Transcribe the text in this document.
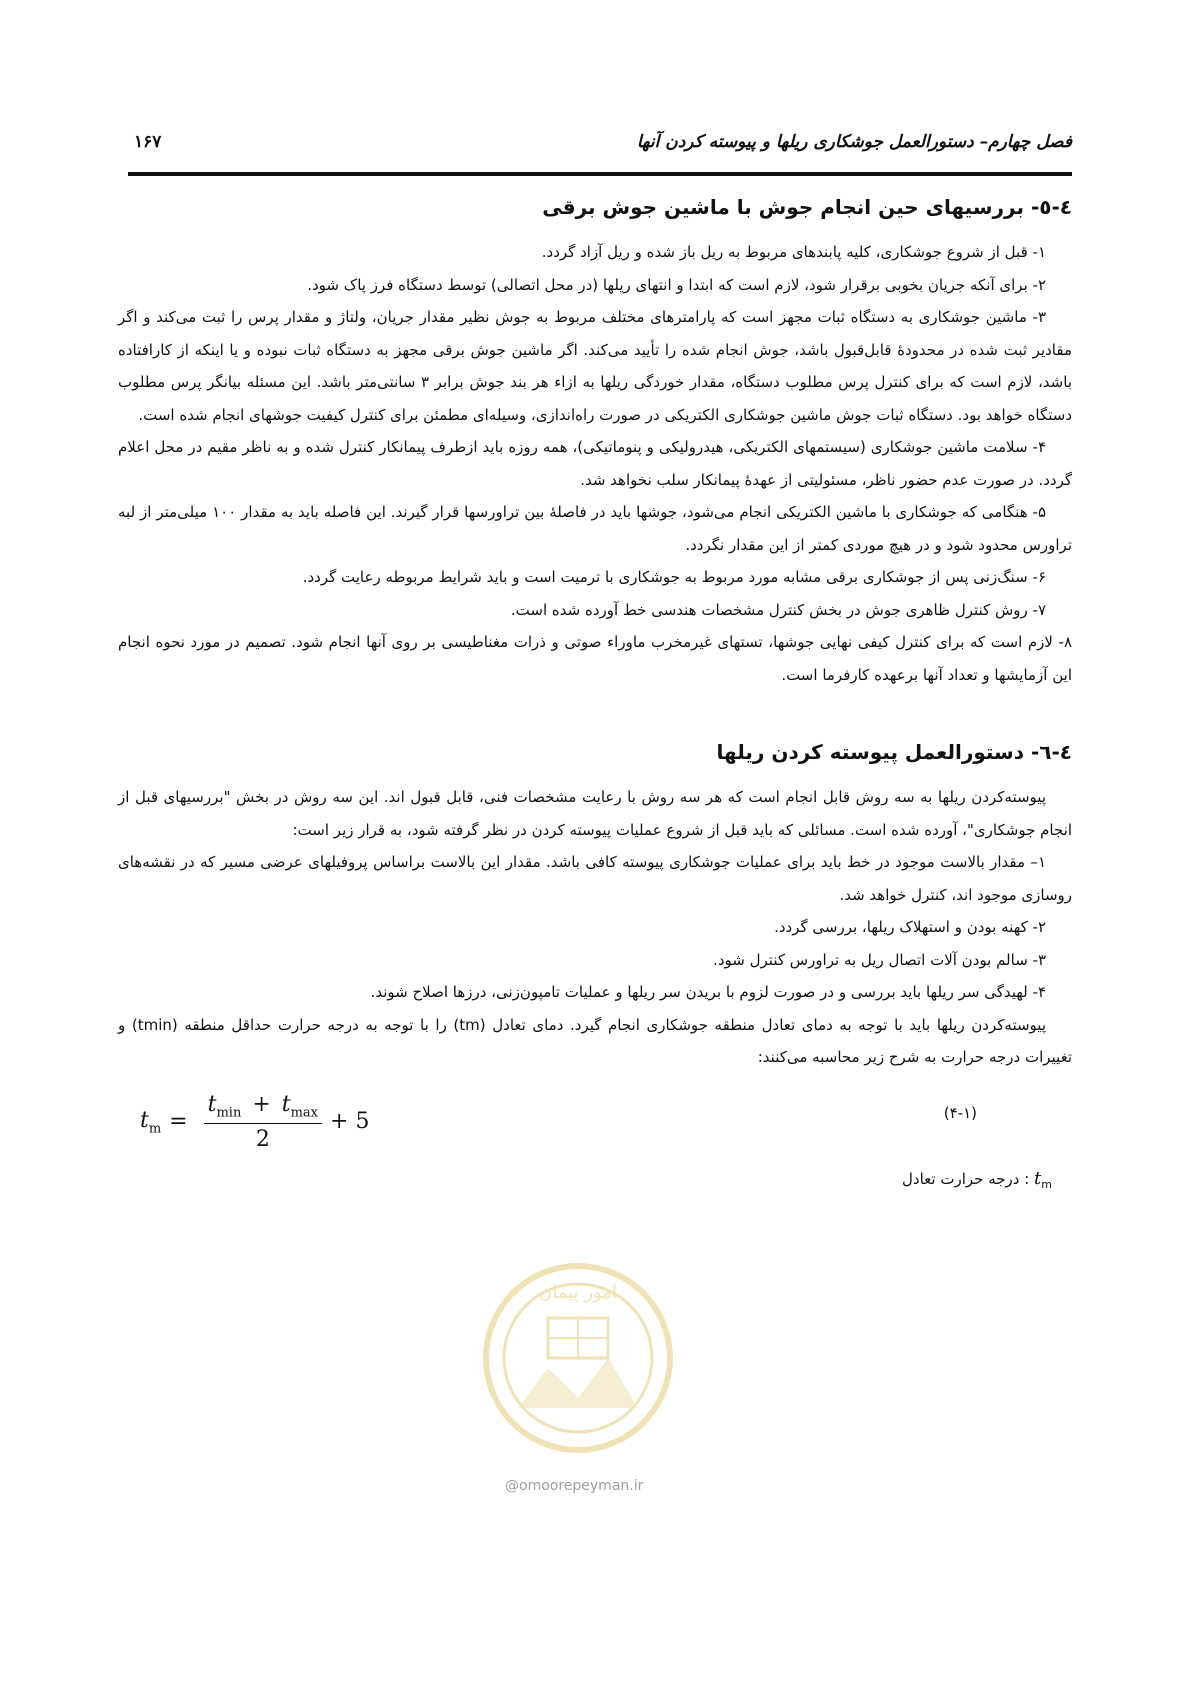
فصل چهارم– دستورالعمل جوشکاری ریلها و پیوسته کردن آنها
۱۶۷
٤-٥- بررسیهای حین انجام جوش با ماشین جوش برقی

۱- قبل از شروع جوشکاری، کلیه پابندهای مربوط به ریل باز شده و ریل آزاد گردد.

۲- برای آنکه جریان بخوبی برقرار شود، لازم است که ابتدا و انتهای ریلها (در محل اتصالی) توسط دستگاه فرز پاک شود.

۳- ماشین جوشکاری به دستگاه ثبات مجهز است که پارامترهای مختلف مربوط به جوش نظیر مقدار جریان، ولتاژ و مقدار پرس را ثبت می‌کند و اگر مقادیر ثبت شده در محدودهٔ قابل‌قبول باشد، جوش انجام شده را تأیید می‌کند. اگر ماشین جوش برقی مجهز به دستگاه ثبات نبوده و یا اینکه از کارافتاده باشد، لازم است که برای کنترل پرس مطلوب دستگاه، مقدار خوردگی ریلها به ازاء هر بند جوش برابر ۳ سانتی‌متر باشد. این مسئله بیانگر پرس مطلوب دستگاه خواهد بود. دستگاه ثبات جوش ماشین جوشکاری الکتریکی در صورت راه‌اندازی، وسیله‌ای مطمئن برای کنترل کیفیت جوشهای انجام شده است.

۴- سلامت ماشین جوشکاری (سیستمهای الکتریکی، هیدرولیکی و پنوماتیکی)، همه روزه باید ازطرف پیمانکار کنترل شده و به ناظر مقیم در محل اعلام گردد. در صورت عدم حضور ناظر، مسئولیتی از عهدهٔ پیمانکار سلب نخواهد شد.

۵- هنگامی که جوشکاری با ماشین الکتریکی انجام می‌شود، جوشها باید در فاصلهٔ بین تراورسها قرار گیرند. این فاصله باید به مقدار ۱۰۰ میلی‌متر از لبه تراورس محدود شود و در هیچ موردی کمتر از این مقدار نگردد.

۶- سنگ‌زنی پس از جوشکاری برقی مشابه مورد مربوط به جوشکاری با ترمیت است و باید شرایط مربوطه رعایت گردد.

۷- روش کنترل ظاهری جوش در بخش کنترل مشخصات هندسی خط آورده شده است.

۸- لازم است که برای کنترل کیفی نهایی جوشها، تستهای غیرمخرب ماوراء صوتی و ذرات مغناطیسی بر روی آنها انجام شود. تصمیم در مورد نحوه انجام این آزمایشها و تعداد آنها برعهده کارفرما است.

٤-٦- دستورالعمل پیوسته کردن ریلها

پیوسته‌کردن ریلها به سه روش قابل انجام است که هر سه روش با رعایت مشخصات فنی، قابل قبول اند. این سه روش در بخش "بررسیهای قبل از انجام جوشکاری"، آورده شده است. مسائلی که باید قبل از شروع عملیات پیوسته کردن در نظر گرفته شود، به قرار زیر است:

۱– مقدار بالاست موجود در خط باید برای عملیات جوشکاری پیوسته کافی باشد. مقدار این بالاست براساس پروفیلهای عرضی مسیر که در نقشه‌های روسازی موجود اند، کنترل خواهد شد.

۲- کهنه بودن و استهلاک ریلها، بررسی گردد.

۳- سالم بودن آلات اتصال ریل به تراورس کنترل شود.

۴- لهیدگی سر ریلها باید بررسی و در صورت لزوم با بریدن سر ریلها و عملیات تامپون‌زنی، درزها اصلاح شوند.

پیوسته‌کردن ریلها باید با توجه به دمای تعادل منطقه جوشکاری انجام گیرد. دمای تعادل (tm) را با توجه به درجه حرارت حداقل منطقه (tmin) و تغییرات درجه حرارت به شرح زیر محاسبه می‌کنند:

$t_m = \frac{t_{min} + t_{max}}{2} + 5$	(۴-۱)

$t_m$ : درجه حرارت تعادل

امور پیمان
@omoorepeyman.ir
